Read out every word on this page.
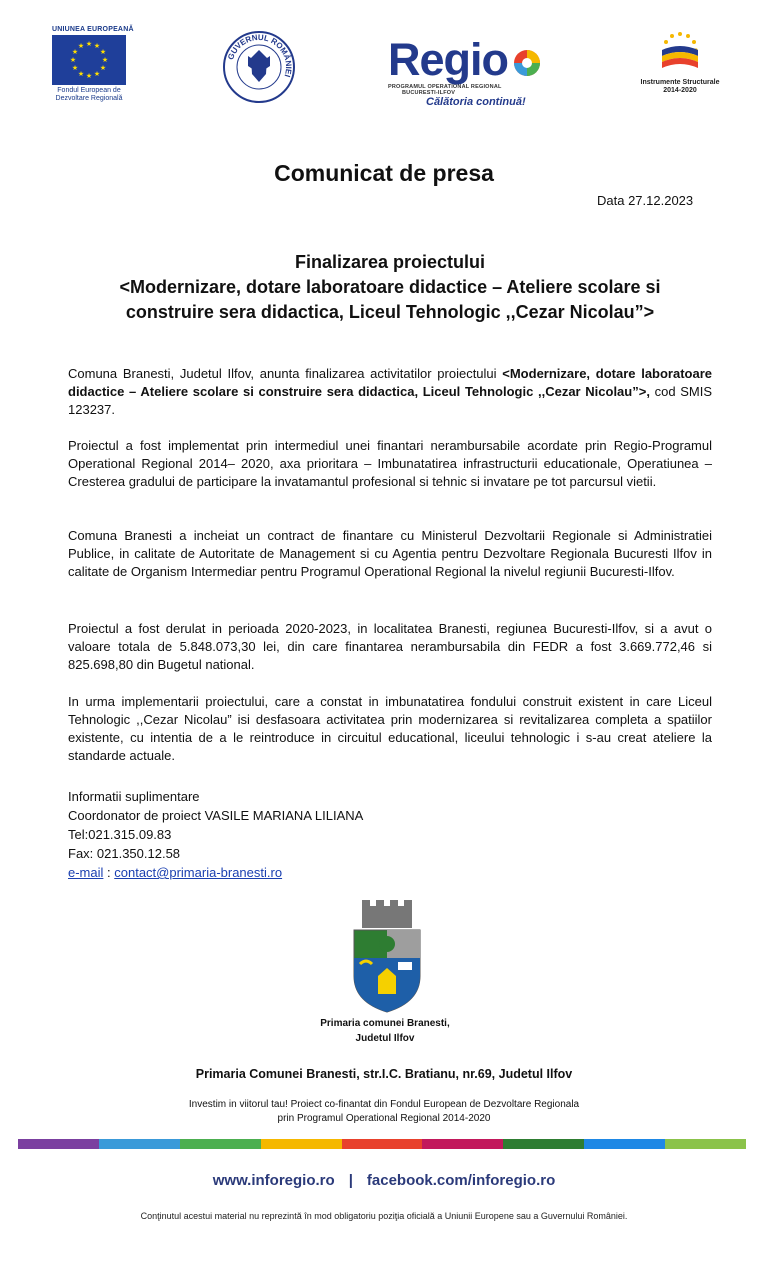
UNIUNEA EUROPEANĂ
★ ★
★
★
★
★
★
★
★
★
★
★
Fondul European de
Dezvoltare Regională
GUVERNUL ROMÂNIEI Regio
PROGRAMUL OPERATIONAL REGIONAL BUCURESTI-ILFOV
Călătoria continuă!
Instrumente Structurale
2014-2020
Comunicat de presa
Data 27.12.2023
Finalizarea proiectului
<Modernizare, dotare laboratoare didactice – Ateliere scolare si
construire sera didactica, Liceul Tehnologic ,,Cezar Nicolau”>
Comuna Branesti, Judetul Ilfov, anunta finalizarea activitatilor proiectului <Modernizare, dotare laboratoare didactice – Ateliere scolare si construire sera didactica, Liceul Tehnologic ,,Cezar Nicolau”>, cod SMIS 123237.
Proiectul a fost implementat prin intermediul unei finantari nerambursabile acordate prin Regio-Programul Operational Regional 2014– 2020, axa prioritara – Imbunatatirea infrastructurii educationale, Operatiunea – Cresterea gradului de participare la invatamantul profesional si tehnic si invatare pe tot parcursul vietii.
Comuna Branesti a incheiat un contract de finantare cu Ministerul Dezvoltarii Regionale si Administratiei Publice, in calitate de Autoritate de Management si cu Agentia pentru Dezvoltare Regionala Bucuresti Ilfov in calitate de Organism Intermediar pentru Programul Operational Regional la nivelul regiunii Bucuresti-Ilfov.
Proiectul a fost derulat in perioada 2020-2023, in localitatea Branesti, regiunea Bucuresti-Ilfov, si a avut o valoare totala de 5.848.073,30 lei, din care finantarea nerambursabila din FEDR a fost 3.669.772,46 si 825.698,80 din Bugetul national.
In urma implementarii proiectului, care a constat in imbunatatirea fondului construit existent in care Liceul Tehnologic ,,Cezar Nicolau” isi desfasoara activitatea prin modernizarea si revitalizarea completa a spatiilor existente, cu intentia de a le reintroduce in circuitul educational, liceului tehnologic i s-au creat ateliere la standarde actuale.
Informatii suplimentare
Coordonator de proiect VASILE MARIANA LILIANA
Tel:021.315.09.83
Fax: 021.350.12.58
e-mail : contact@primaria-branesti.ro
Primaria comunei Branesti,
Judetul Ilfov
Primaria Comunei Branesti, str.I.C. Bratianu, nr.69, Judetul Ilfov
Investim in viitorul tau! Proiect co-finantat din Fondul European de Dezvoltare Regionala
prin Programul Operational Regional 2014-2020
www.inforegio.ro | facebook.com/inforegio.ro
Conţinutul acestui material nu reprezintă în mod obligatoriu poziţia oficială a Uniunii Europene sau a Guvernului României.
